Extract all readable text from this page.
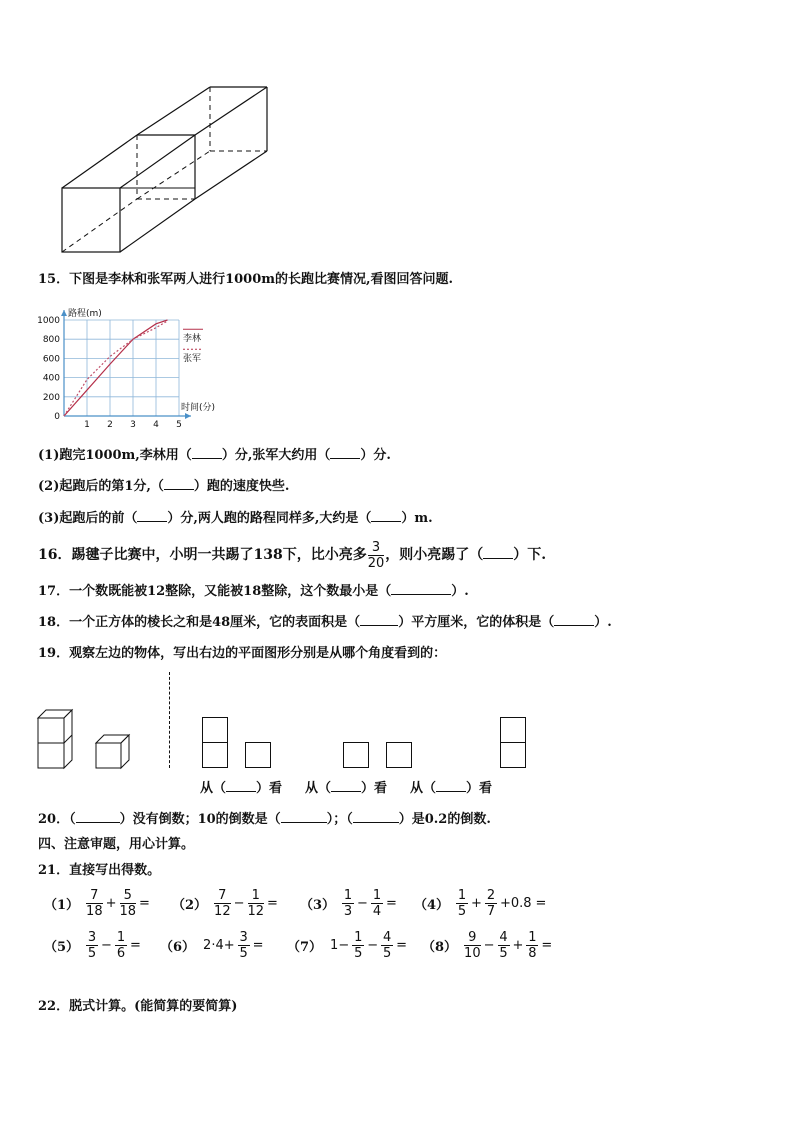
15．下图是李林和张军两人进行1000m的长跑比赛情况,看图回答问题.
1 2 3 4 5
1000
800
600
400
200
0
路程(m)
时间(分)
李林
张军
(1)跑完1000m,李林用（ ）分,张军大约用（ ）分.
(2)起跑后的第1分,（ ）跑的速度快些.
(3)起跑后的前（ ）分,两人跑的路程同样多,大约是（ ）m.
16．踢毽子比赛中，小明一共踢了138下，比小亮多 $\frac{3}{20}$ ，则小亮踢了（ ）下.
17．一个数既能被12整除，又能被18整除，这个数最小是（	）.
18．一个正方体的棱长之和是48厘米，它的表面积是（	）平方厘米，它的体积是（	）.
19．观察左边的物体，写出右边的平面图形分别是从哪个角度看到的：
从（ ）看 从（ ）看 从（ ）看
20．（	）没有倒数；10的倒数是（	）；（	）是0.2的倒数.
四、注意审题，用心计算。
21．直接写出得数。
$(1) \frac{7}{18} + \frac{5}{18} = (2) \frac{7}{12} - \frac{1}{12} = (3) \frac{1}{3} - \frac{1}{4} = (4) \frac{1}{5} + \frac{2}{7} +0.8$ =
$(5) \frac{3}{5} - \frac{1}{6} = (6)$ $2\cdot 4+ \frac{3}{5} = (7)$ $1- \frac{1}{5} - \frac{4}{5} = (8) \frac{9}{10} - \frac{4}{5} + \frac{1}{8}$ =
22．脱式计算。(能简算的要简算)
